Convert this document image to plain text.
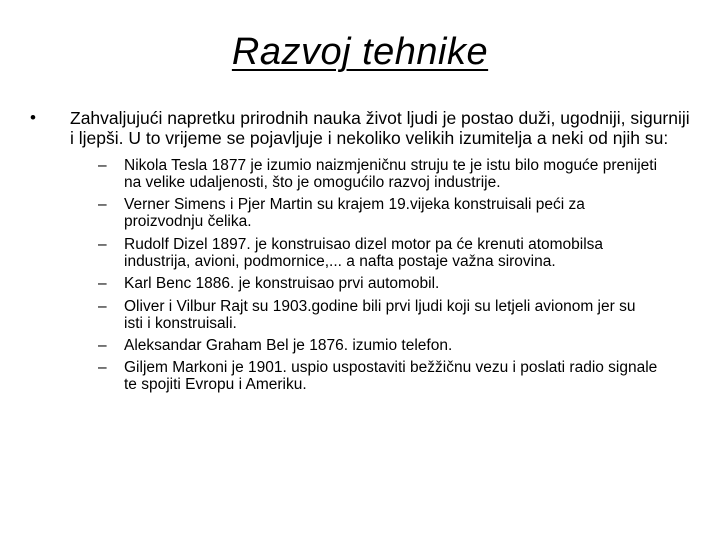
Razvoj tehnike
•	Zahvaljujući napretku prirodnih nauka život ljudi je postao duži, ugodniji, sigurniji i ljepši. U to vrijeme se pojavljuje i nekoliko velikih izumitelja a neki od njih su:
–	Nikola Tesla 1877 je izumio naizmjeničnu struju te je istu bilo moguće prenijeti na velike udaljenosti, što je omogućilo razvoj industrije.
–	Verner Simens i Pjer Martin su krajem 19.vijeka konstruisali peći za proizvodnju čelika.
–	Rudolf Dizel 1897. je konstruisao dizel motor pa će krenuti atomobilsa industrija, avioni, podmornice,... a nafta postaje važna sirovina.
–	Karl Benc 1886. je konstruisao prvi automobil.
–	Oliver i Vilbur Rajt su 1903.godine bili prvi ljudi koji su letjeli avionom jer su isti i konstruisali.
–	Aleksandar Graham Bel je 1876. izumio telefon.
–	Giljem Markoni je 1901. uspio uspostaviti bežžičnu vezu i poslati radio signale te spojiti Evropu i Ameriku.
